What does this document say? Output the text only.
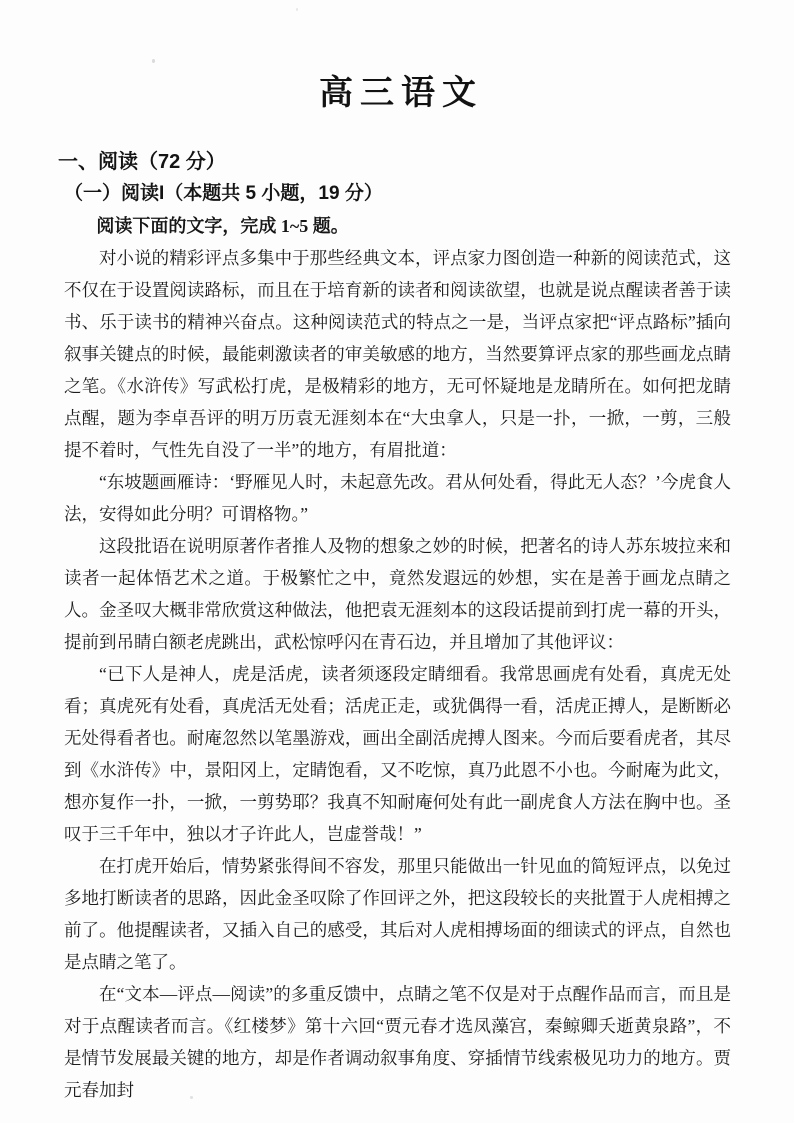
高三语文
一、阅读（72 分）
（一）阅读I（本题共 5 小题，19 分）

阅读下面的文字，完成 1~5 题。

对小说的精彩评点多集中于那些经典文本，评点家力图创造一种新的阅读范式，这不仅在于设置阅读路标，而且在于培育新的读者和阅读欲望，也就是说点醒读者善于读书、乐于读书的精神兴奋点。这种阅读范式的特点之一是，当评点家把“评点路标”插向叙事关键点的时候，最能刺激读者的审美敏感的地方，当然要算评点家的那些画龙点睛之笔。《水浒传》写武松打虎，是极精彩的地方，无可怀疑地是龙睛所在。如何把龙睛点醒，题为李卓吾评的明万历袁无涯刻本在“大虫拿人，只是一扑，一掀，一剪，三般提不着时，气性先自没了一半”的地方，有眉批道：

“东坡题画雁诗：‘野雁见人时，未起意先改。君从何处看，得此无人态？’今虎食人法，安得如此分明？可谓格物。”

这段批语在说明原著作者推人及物的想象之妙的时候，把著名的诗人苏东坡拉来和读者一起体悟艺术之道。于极繁忙之中，竟然发遐远的妙想，实在是善于画龙点睛之人。金圣叹大概非常欣赏这种做法，他把袁无涯刻本的这段话提前到打虎一幕的开头，提前到吊睛白额老虎跳出，武松惊呼闪在青石边，并且增加了其他评议：

“已下人是神人，虎是活虎，读者须逐段定睛细看。我常思画虎有处看，真虎无处看；真虎死有处看，真虎活无处看；活虎正走，或犹偶得一看，活虎正搏人，是断断必无处得看者也。耐庵忽然以笔墨游戏，画出全副活虎搏人图来。今而后要看虎者，其尽到《水浒传》中，景阳冈上，定睛饱看，又不吃惊，真乃此恩不小也。今耐庵为此文，想亦复作一扑，一掀，一剪势耶？我真不知耐庵何处有此一副虎食人方法在胸中也。圣叹于三千年中，独以才子许此人，岂虚誉哉！”

在打虎开始后，情势紧张得间不容发，那里只能做出一针见血的简短评点，以免过多地打断读者的思路，因此金圣叹除了作回评之外，把这段较长的夹批置于人虎相搏之前了。他提醒读者，又插入自己的感受，其后对人虎相搏场面的细读式的评点，自然也是点睛之笔了。

在“文本—评点—阅读”的多重反馈中，点睛之笔不仅是对于点醒作品而言，而且是对于点醒读者而言。《红楼梦》第十六回“贾元春才选凤藻宫，秦鲸卿夭逝黄泉路”，不是情节发展最关键的地方，却是作者调动叙事角度、穿插情节线索极见功力的地方。贾元春加封
